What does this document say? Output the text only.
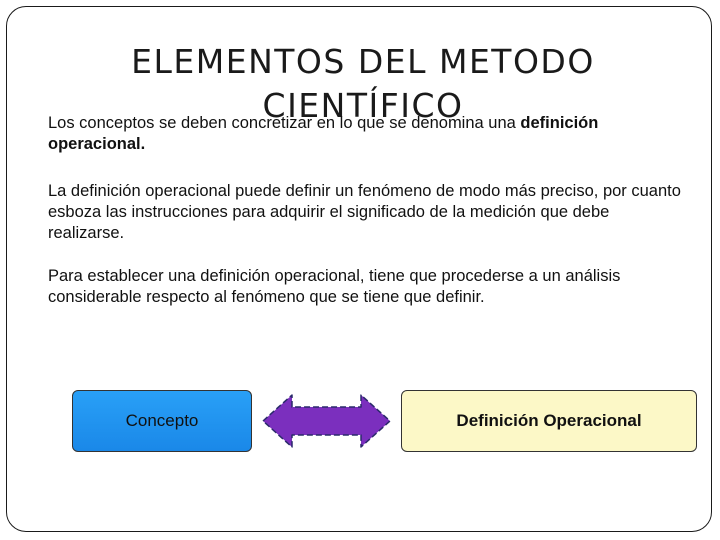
ELEMENTOS DEL METODO
CIENTÍFICO

Los conceptos se deben concretizar en lo que se denomina una definición operacional.

La definición operacional puede definir un fenómeno de modo más preciso, por cuanto esboza las instrucciones para adquirir el significado de la medición que debe realizarse.

Para establecer una definición operacional, tiene que procederse a un análisis considerable respecto al fenómeno que se tiene que definir.

Concepto	Definición Operacional
